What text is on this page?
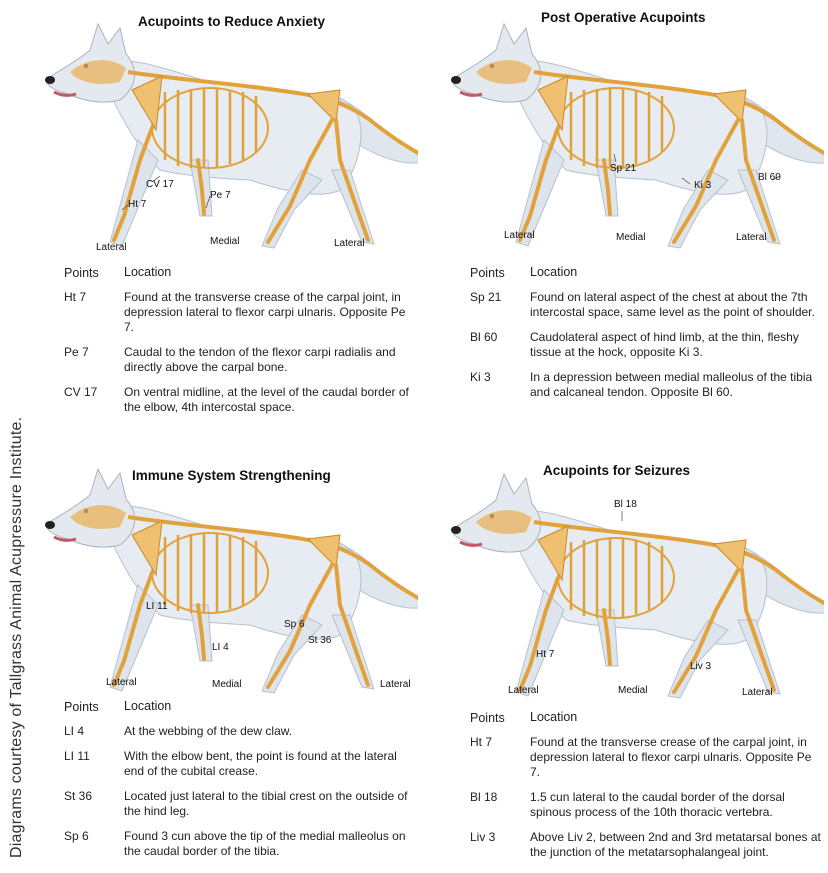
Diagrams courtesy of Tallgrass Animal Acupressure Institute.
Acupoints to Reduce Anxiety
CV 17
Pe 7
Ht 7
Lateral
Medial	Lateral
Points	Location
Ht 7	Found at the transverse crease of the carpal joint, in depression lateral to flexor carpi ulnaris. Opposite Pe 7.
Pe 7	Caudal to the tendon of the flexor carpi radialis and directly above the carpal bone.
CV 17	On ventral midline, at the level of the caudal border of the elbow, 4th intercostal space.
Post Operative Acupoints
Sp 21
Ki 3
Bl 60
Lateral	Medial	Lateral
Points	Location
Sp 21	Found on lateral aspect of the chest at about the 7th intercostal space, same level as the point of shoulder.
Bl 60	Caudolateral aspect of hind limb, at the thin, fleshy tissue at the hock, opposite Ki 3.
Ki 3	In a depression between medial malleolus of the tibia and calcaneal tendon. Opposite Bl 60.
Immune System Strengthening
Sp 6
St 36
LI 11
LI 4
Lateral	Medial	Lateral
Points	Location
LI 4	At the webbing of the dew claw.
LI 11	With the elbow bent, the point is found at the lateral end of the cubital crease.
St 36	Located just lateral to the tibial crest on the outside of the hind leg.
Sp 6	Found 3 cun above the tip of the medial malleolus on the caudal border of the tibia.
Acupoints for Seizures
Bl 18
Ht 7
Liv 3
Lateral	Medial	Lateral
Points	Location
Ht 7	Found at the transverse crease of the carpal joint, in depression lateral to flexor carpi ulnaris. Opposite Pe 7.
Bl 18	1.5 cun lateral to the caudal border of the dorsal spinous process of the 10th thoracic vertebra.
Liv 3	Above Liv 2, between 2nd and 3rd metatarsal bones at the junction of the metatarsophalangeal joint.
